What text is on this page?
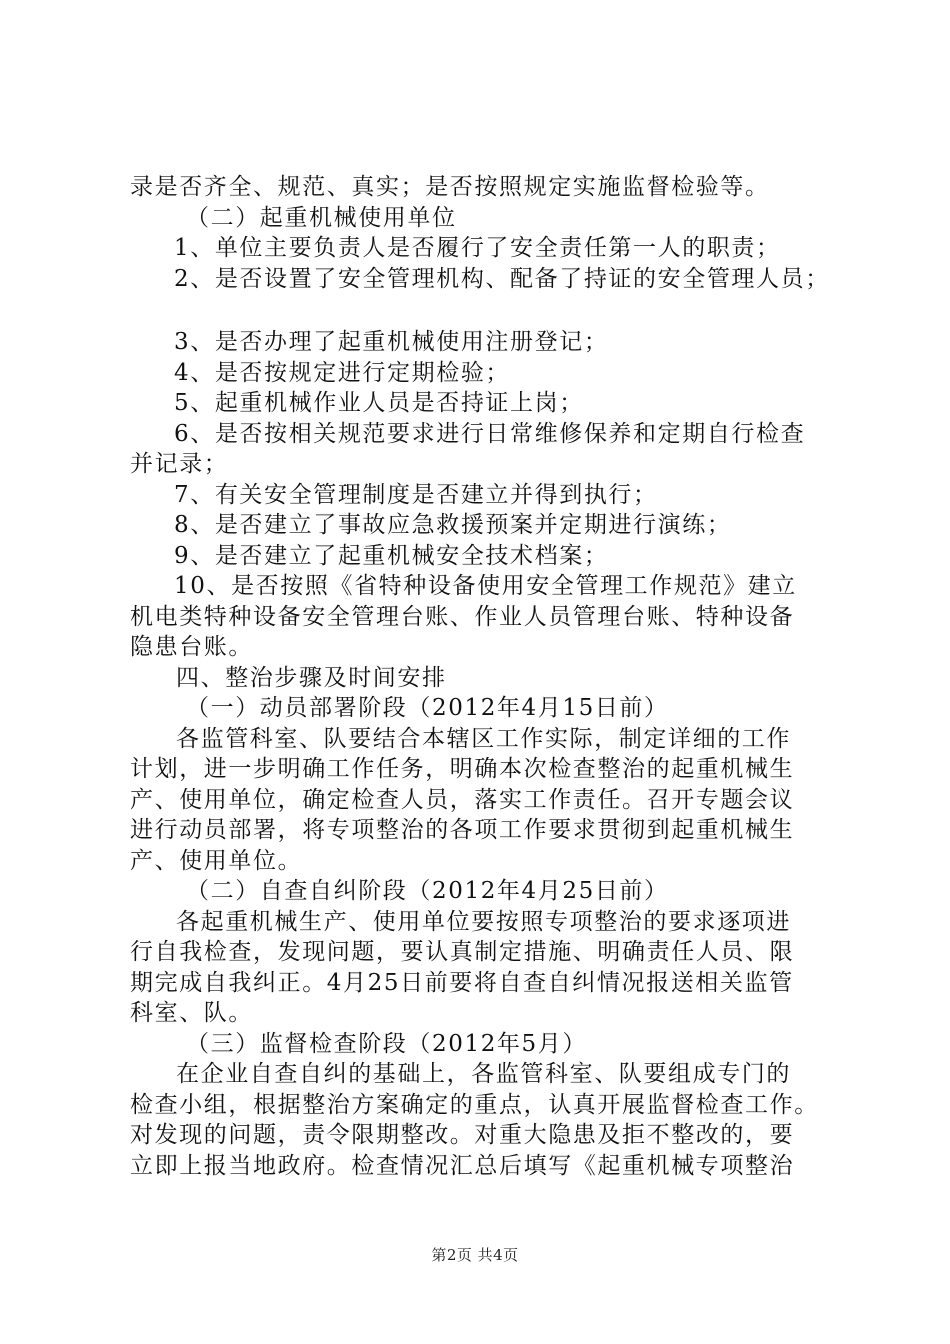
录是否齐全、规范、真实；是否按照规定实施监督检验等。
（二）起重机械使用单位
1、单位主要负责人是否履行了安全责任第一人的职责；
2、是否设置了安全管理机构、配备了持证的安全管理人员；
3、是否办理了起重机械使用注册登记；
4、是否按规定进行定期检验；
5、起重机械作业人员是否持证上岗；
6、是否按相关规范要求进行日常维修保养和定期自行检查
并记录；
7、有关安全管理制度是否建立并得到执行；
8、是否建立了事故应急救援预案并定期进行演练；
9、是否建立了起重机械安全技术档案；
10、是否按照《省特种设备使用安全管理工作规范》建立
机电类特种设备安全管理台账、作业人员管理台账、特种设备
隐患台账。
四、整治步骤及时间安排
（一）动员部署阶段（2012年4月15日前）
各监管科室、队要结合本辖区工作实际，制定详细的工作
计划，进一步明确工作任务，明确本次检查整治的起重机械生
产、使用单位，确定检查人员，落实工作责任。召开专题会议
进行动员部署，将专项整治的各项工作要求贯彻到起重机械生
产、使用单位。
（二）自查自纠阶段（2012年4月25日前）
各起重机械生产、使用单位要按照专项整治的要求逐项进
行自我检查，发现问题，要认真制定措施、明确责任人员、限
期完成自我纠正。4月25日前要将自查自纠情况报送相关监管
科室、队。
（三）监督检查阶段（2012年5月）
在企业自查自纠的基础上，各监管科室、队要组成专门的
检查小组，根据整治方案确定的重点，认真开展监督检查工作。
对发现的问题，责令限期整改。对重大隐患及拒不整改的，要
立即上报当地政府。检查情况汇总后填写《起重机械专项整治
第2页 共4页
